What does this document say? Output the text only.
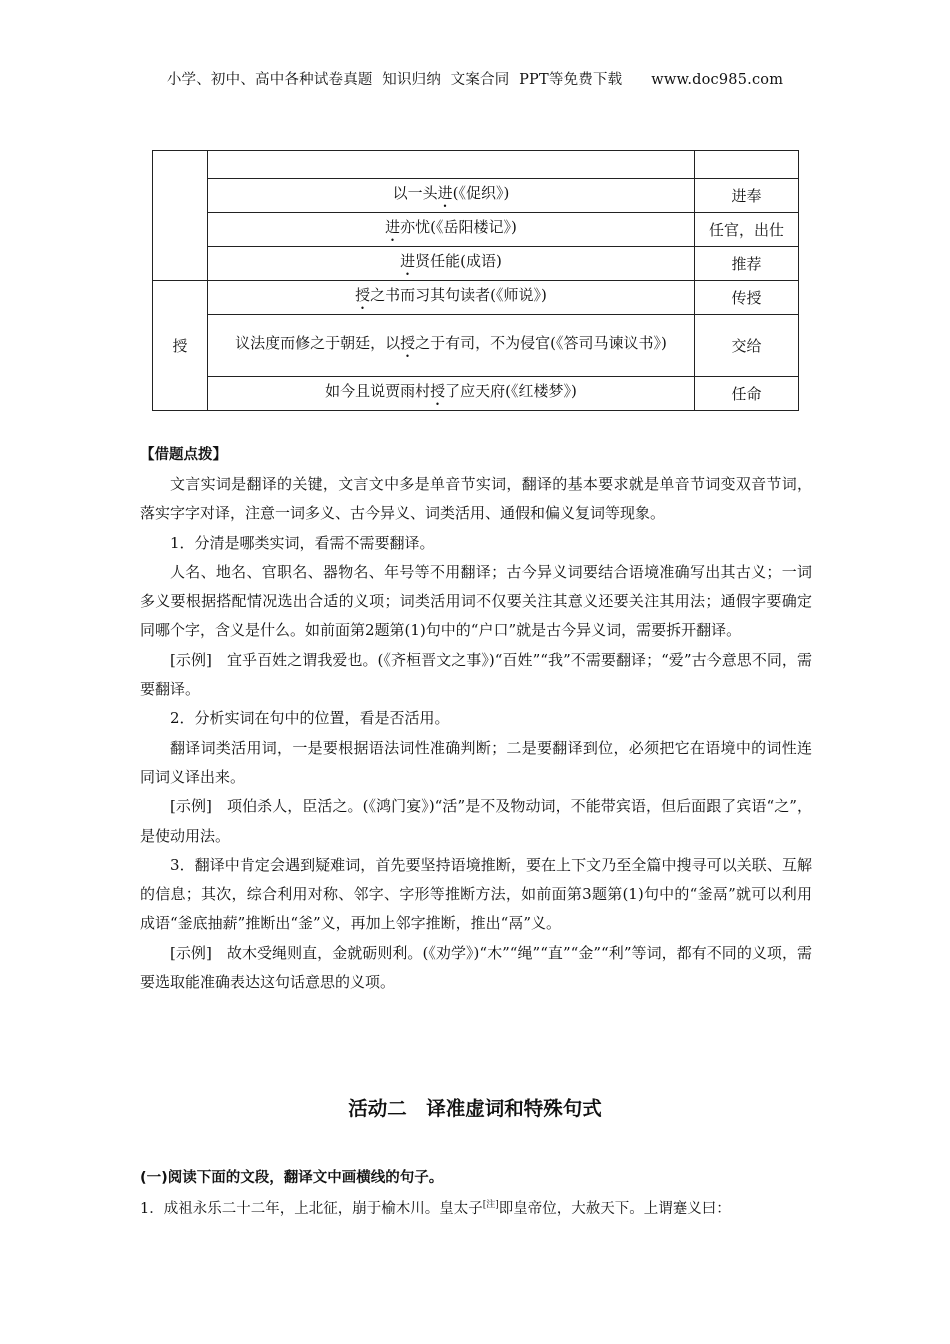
小学、初中、高中各种试卷真题  知识归纳  文案合同  PPT等免费下载      www.doc985.com

	以一头进(《促织》)	进奉
	进亦忧(《岳阳楼记》)	任官，出仕
	进贤任能(成语)	推荐
授	授之书而习其句读者(《师说》)	传授
	议法度而修之于朝廷，以授之于有司，不为侵官(《答司马谏议书》)	交给
	如今且说贾雨村授了应天府(《红楼梦》)	任命
【借题点拨】

文言实词是翻译的关键，文言文中多是单音节实词，翻译的基本要求就是单音节词变双音节词，落实字字对译，注意一词多义、古今异义、词类活用、通假和偏义复词等现象。

1．分清是哪类实词，看需不需要翻译。

人名、地名、官职名、器物名、年号等不用翻译；古今异义词要结合语境准确写出其古义；一词多义要根据搭配情况选出合适的义项；词类活用词不仅要关注其意义还要关注其用法；通假字要确定同哪个字，含义是什么。如前面第2题第(1)句中的“户口”就是古今异义词，需要拆开翻译。

[示例]　宜乎百姓之谓我爱也。(《齐桓晋文之事》)“百姓”“我”不需要翻译；“爱”古今意思不同，需要翻译。

2．分析实词在句中的位置，看是否活用。

翻译词类活用词，一是要根据语法词性准确判断；二是要翻译到位，必须把它在语境中的词性连同词义译出来。

[示例]　项伯杀人，臣活之。(《鸿门宴》)“活”是不及物动词，不能带宾语，但后面跟了宾语“之”，是使动用法。

3．翻译中肯定会遇到疑难词，首先要坚持语境推断，要在上下文乃至全篇中搜寻可以关联、互解的信息；其次，综合利用对称、邻字、字形等推断方法，如前面第3题第(1)句中的“釜鬲”就可以利用成语“釜底抽薪”推断出“釜”义，再加上邻字推断，推出“鬲”义。

[示例]　故木受绳则直，金就砺则利。(《劝学》)“木”“绳”“直”“金”“利”等词，都有不同的义项，需要选取能准确表达这句话意思的义项。

活动二　译准虚词和特殊句式
(一)阅读下面的文段，翻译文中画横线的句子。
1．成祖永乐二十二年，上北征，崩于榆木川。皇太子[注]即皇帝位，大赦天下。上谓蹇义曰：
